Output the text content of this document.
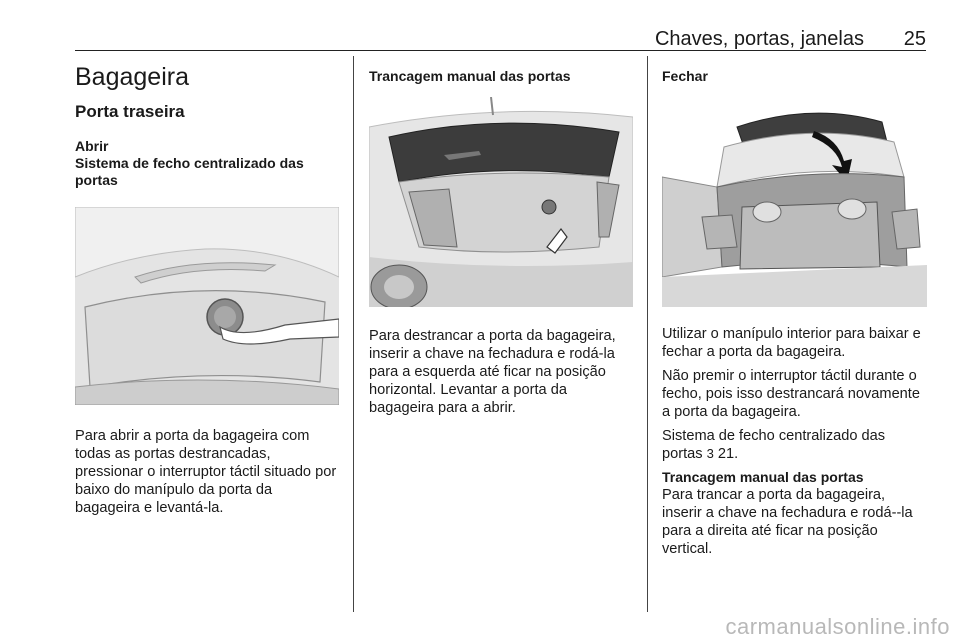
Chaves, portas, janelas 25
Bagageira
Porta traseira
Abrir
Sistema de fecho centralizado das portas
Para abrir a porta da bagageira com todas as portas destrancadas, pressionar o interruptor táctil situado por baixo do manípulo da porta da bagageira e levantá-la.
Trancagem manual das portas
Para destrancar a porta da bagageira, inserir a chave na fechadura e rodá-la para a esquerda até ficar na posição horizontal. Levantar a porta da bagageira para a abrir.
Fechar
Utilizar o manípulo interior para baixar e fechar a porta da bagageira.
Não premir o interruptor táctil durante o fecho, pois isso destrancará novamente a porta da bagageira.
Sistema de fecho centralizado das portas 3 21.
Trancagem manual das portas
Para trancar a porta da bagageira, inserir a chave na fechadura e rodá--la para a direita até ficar na posição vertical.
carmanualsonline.info
